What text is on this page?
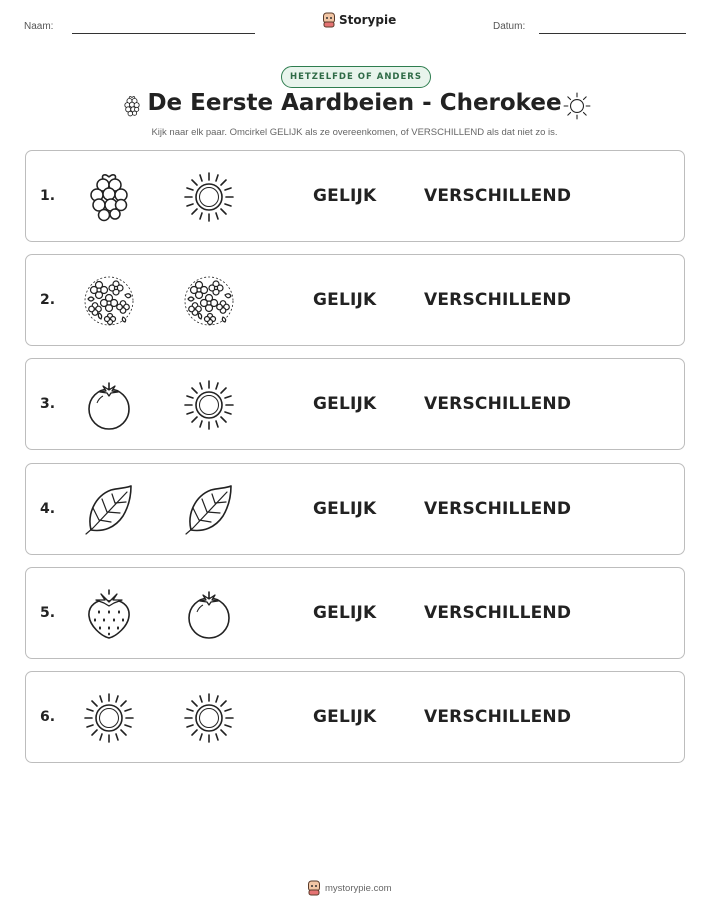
Naam:	Storypie	Datum:
HETZELFDE OF ANDERS
De Eerste Aardbeien - Cherokee
Kijk naar elk paar. Omcirkel GELIJK als ze overeenkomen, of VERSCHILLEND als dat niet zo is.
1.	GELIJK	VERSCHILLEND
2.	GELIJK	VERSCHILLEND
3.	GELIJK	VERSCHILLEND
4.	GELIJK	VERSCHILLEND
5.	GELIJK	VERSCHILLEND
6.	GELIJK	VERSCHILLEND
mystorypie.com
